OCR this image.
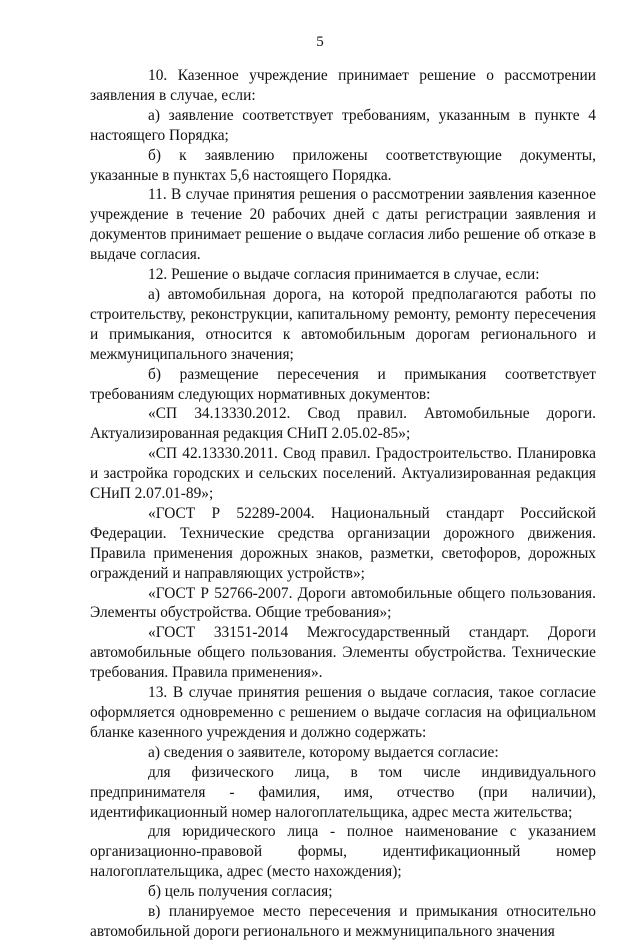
5

10. Казенное учреждение принимает решение о рассмотрении заявления в случае, если:

а) заявление соответствует требованиям, указанным в пункте 4 настоящего Порядка;

б) к заявлению приложены соответствующие документы, указанные в пунктах 5,6 настоящего Порядка.

11. В случае принятия решения о рассмотрении заявления казенное учреждение в течение 20 рабочих дней с даты регистрации заявления и документов принимает решение о выдаче согласия либо решение об отказе в выдаче согласия.

12. Решение о выдаче согласия принимается в случае, если:

а) автомобильная дорога, на которой предполагаются работы по строительству, реконструкции, капитальному ремонту, ремонту пересечения и примыкания, относится к автомобильным дорогам регионального и межмуниципального значения;

б) размещение пересечения и примыкания соответствует требованиям следующих нормативных документов:

«СП 34.13330.2012. Свод правил. Автомобильные дороги. Актуализированная редакция СНиП 2.05.02-85»;

«СП 42.13330.2011. Свод правил. Градостроительство. Планировка и застройка городских и сельских поселений. Актуализированная редакция СНиП 2.07.01-89»;

«ГОСТ Р 52289-2004. Национальный стандарт Российской Федерации. Технические средства организации дорожного движения. Правила применения дорожных знаков, разметки, светофоров, дорожных ограждений и направляющих устройств»;

«ГОСТ Р 52766-2007. Дороги автомобильные общего пользования. Элементы обустройства. Общие требования»;

«ГОСТ 33151-2014 Межгосударственный стандарт. Дороги автомобильные общего пользования. Элементы обустройства. Технические требования. Правила применения».

13. В случае принятия решения о выдаче согласия, такое согласие оформляется одновременно с решением о выдаче согласия на официальном бланке казенного учреждения и должно содержать:

а) сведения о заявителе, которому выдается согласие:

для физического лица, в том числе индивидуального предпринимателя - фамилия, имя, отчество (при наличии), идентификационный номер налогоплательщика, адрес места жительства;

для юридического лица - полное наименование с указанием организационно-правовой формы, идентификационный номер налогоплательщика, адрес (место нахождения);

б) цель получения согласия;

в) планируемое место пересечения и примыкания относительно автомобильной дороги регионального и межмуниципального значения
